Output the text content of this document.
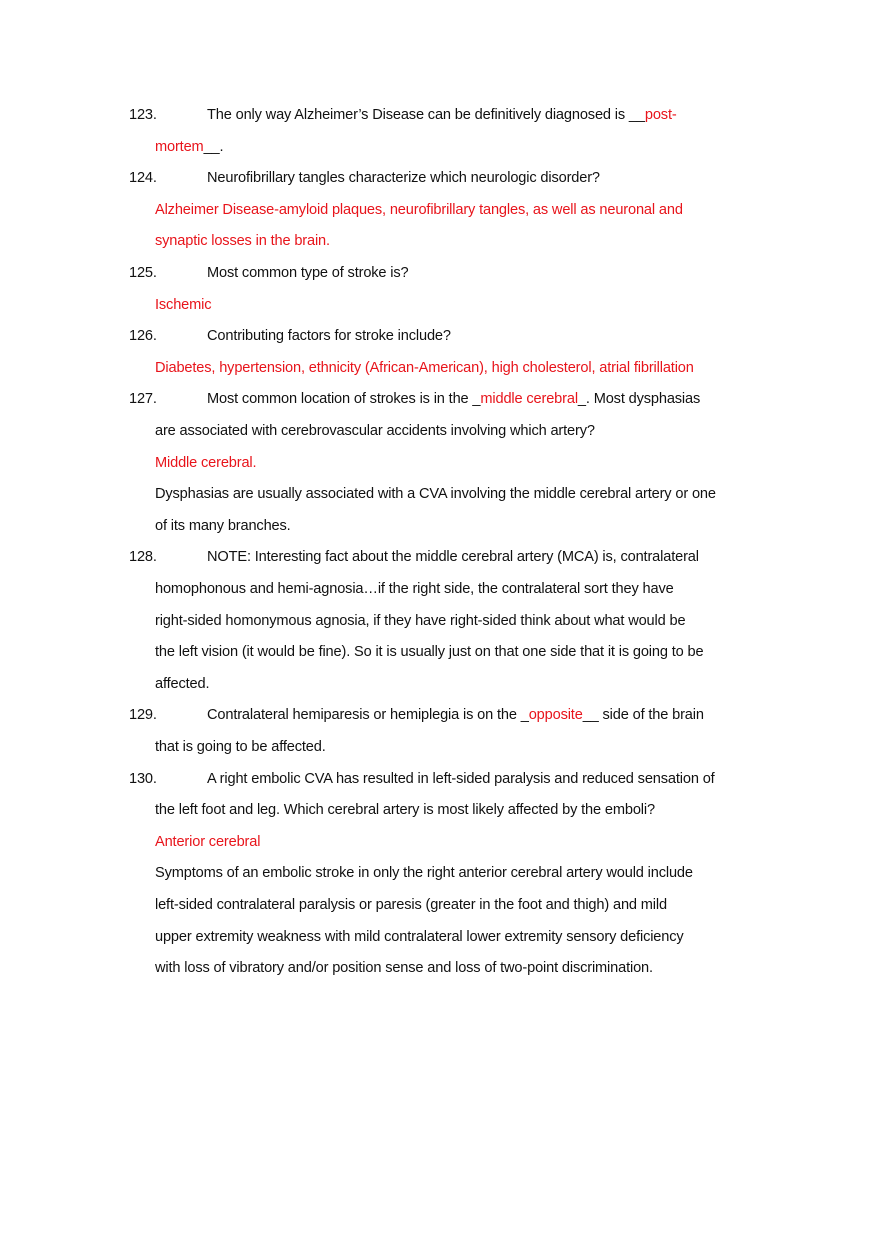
123.	The only way Alzheimer’s Disease can be definitively diagnosed is __post-
mortem__.
124.	Neurofibrillary tangles characterize which neurologic disorder?
Alzheimer Disease-amyloid plaques, neurofibrillary tangles, as well as neuronal and
synaptic losses in the brain.
125.	Most common type of stroke is?
Ischemic
126.	Contributing factors for stroke include?
Diabetes, hypertension, ethnicity (African-American), high cholesterol, atrial fibrillation
127.	Most common location of strokes is in the _middle cerebral_. Most dysphasias
are associated with cerebrovascular accidents involving which artery?
Middle cerebral.
Dysphasias are usually associated with a CVA involving the middle cerebral artery or one
of its many branches.
128.	NOTE: Interesting fact about the middle cerebral artery (MCA) is, contralateral
homophonous and hemi-agnosia…if the right side, the contralateral sort they have
right-sided homonymous agnosia, if they have right-sided think about what would be
the left vision (it would be fine). So it is usually just on that one side that it is going to be
affected.
129.	Contralateral hemiparesis or hemiplegia is on the _opposite__ side of the brain
that is going to be affected.
130.	A right embolic CVA has resulted in left-sided paralysis and reduced sensation of
the left foot and leg. Which cerebral artery is most likely affected by the emboli?
Anterior cerebral
Symptoms of an embolic stroke in only the right anterior cerebral artery would include
left-sided contralateral paralysis or paresis (greater in the foot and thigh) and mild
upper extremity weakness with mild contralateral lower extremity sensory deficiency
with loss of vibratory and/or position sense and loss of two-point discrimination.
